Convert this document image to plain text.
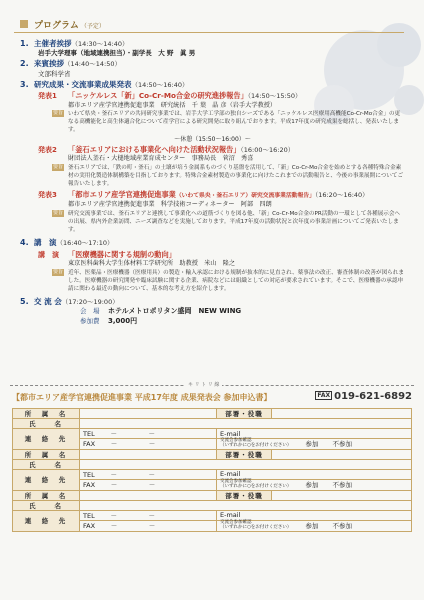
プログラム （予定）
1. 主催者挨拶（14:30～14:40）
岩手大学理事（地域連携担当）・副学長　大 野　眞 男
2. 来賓挨拶（14:40～14:50）
文部科学省
3. 研究成果・交流事業成果発表（14:50～16:40）
発表1 「ニッケルレス「新」Co-Cr-Mo合金の研究進捗報告」（14:50～15:50）
都市エリア産学官連携促進事業　研究統括　千 葉　晶 彦（岩手大学教授）
要旨 いわて県央・釜石エリアの共同研究事業では、岩手大学工学部の独自シーズである「ニッケルレス医療用高機能Co-Cr-Mo合金」の更なる高機能化と高生体適合化について産学官による研究開発に取り組んでおります。平成17年度の研究成果を総括し、発表いたします。
～休憩（15:50～16:00）～
発表2 「釜石エリアにおける事業化へ向けた活動状況報告」（16:00～16:20）
財団法人釜石・大槌地域産業育成センター　事務局長　菅沼　秀喜
要旨 釜石エリアでは、「鉄の町・釜石」の土壌が培う金属系ものづくり基盤を活用して、「新」Co-Cr-Mo合金を始めとする各種特殊合金素材の実用化製造体制構築を目指しております。特殊合金素材製造の事業化に向けたこれまでの活動報告と、今後の事業展開についてご報告いたします。
発表3 「都市エリア産学官連携促進事業（いわて県央・釜石エリア）研究交流事業活動報告」（16:20～16:40）
都市エリア産学官連携促進事業　科学技術コーディネーター　阿部　四朗
要旨 研究交流事業では、釜石エリアと連携して事業化への道筋づくりを図る他、「新」Co-Cr-Mo合金のPR活動の一環として各種展示会への出展、県内外企業訪問、ニーズ調査などを実施しております。平成17年度の活動状況と次年度の事業計画についてご発表いたします。
4. 講　演（16:40～17:10）
講　演 「医療機器に関する規制の動向」
東京医科歯科大学生体材料工学研究所　助教授　米山　隆之
要旨 近年、医薬品・医療機器（医療用具）の製造・輸入承認における規制が抜本的に見直され、薬事法の改正、審査体制の改善が図られました。医療機器の研究開発や臨床試験に関する企業、病院などには組織としての対応が要求されています。そこで、医療機器の承認申請に関わる最近の動向について、基本的な考え方を紹介します。
5. 交 流 会（17:20～19:00）
会　場 ホテルメトロポリタン盛岡　NEW WING
参加費 3,000円
キ リ ト リ 線
【都市エリア産学官連携促進事業 平成17年度 成果発表会 参加申込書】	FAX 019-621-6892
所　属　名		部署・役職	
氏　　名			
連　絡　先	TEL － －	E-mail	
	FAX － －	交流会参加確認
（いずれかに○をお付けください） 参加 不参加	
所　属　名		部署・役職	
氏　　名			
連　絡　先	TEL － －	E-mail	
	FAX － －	交流会参加確認
（いずれかに○をお付けください） 参加 不参加	
所　属　名		部署・役職	
氏　　名			
連　絡　先	TEL － －	E-mail	
	FAX － －	交流会参加確認
（いずれかに○をお付けください） 参加 不参加	
